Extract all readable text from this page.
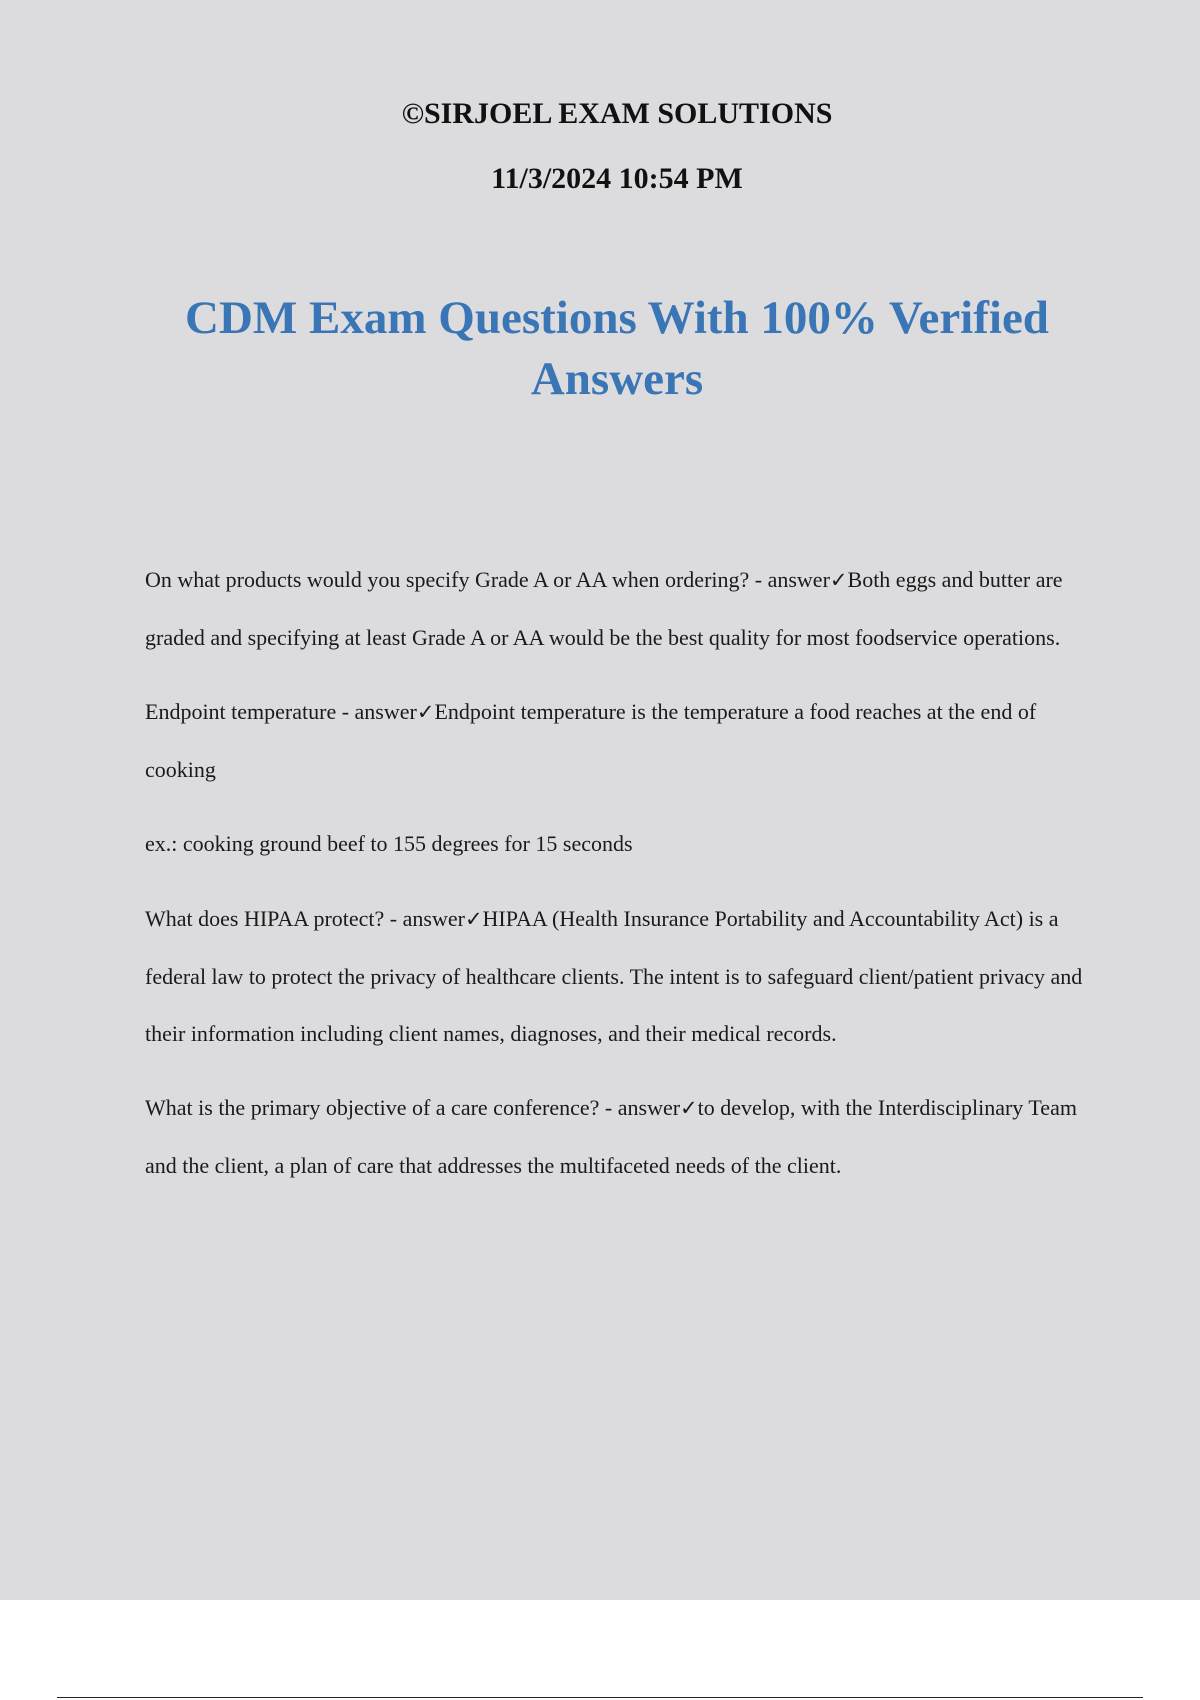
©SIRJOEL EXAM SOLUTIONS
11/3/2024 10:54 PM
CDM Exam Questions With 100% Verified Answers

On what products would you specify Grade A or AA when ordering? - answer✓Both eggs and butter are graded and specifying at least Grade A or AA would be the best quality for most foodservice operations.

Endpoint temperature - answer✓Endpoint temperature is the temperature a food reaches at the end of cooking

ex.: cooking ground beef to 155 degrees for 15 seconds

What does HIPAA protect? - answer✓HIPAA (Health Insurance Portability and Accountability Act) is a federal law to protect the privacy of healthcare clients. The intent is to safeguard client/patient privacy and their information including client names, diagnoses, and their medical records.

What is the primary objective of a care conference? - answer✓to develop, with the Interdisciplinary Team and the client, a plan of care that addresses the multifaceted needs of the client.
